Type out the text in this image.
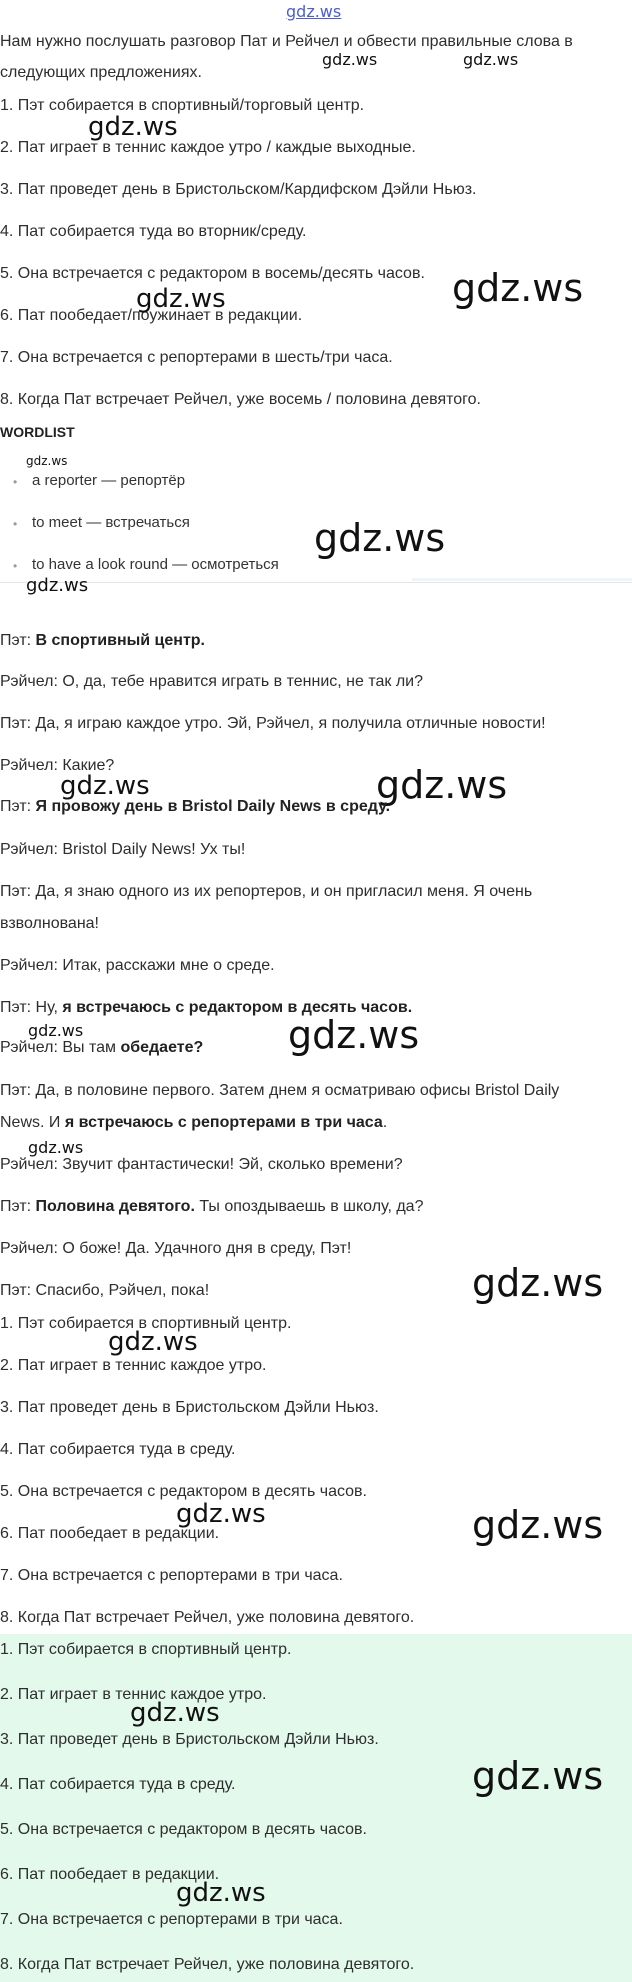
gdz.ws
Нам нужно послушать разговор Пат и Рейчел и обвести правильные слова в
следующих предложениях.
gdz.ws	gdz.ws
1. Пэт собирается в спортивный/торговый центр.
2. Пат играет в теннис каждое утро / каждые выходные.
3. Пат проведет день в Бристольском/Кардифском Дэйли Ньюз.
4. Пат собирается туда во вторник/среду.
5. Она встречается с редактором в восемь/десять часов.
6. Пат пообедает/поужинает в редакции.
7. Она встречается с репортерами в шесть/три часа.
8. Когда Пат встречает Рейчел, уже восемь / половина девятого.
gdz.ws
gdz.ws	gdz.ws
WORDLIST
gdz.ws
• a reporter — репортёр
• to meet — встречаться
• to have a look round — осмотреться
gdz.ws
gdz.ws
Пэт: В спортивный центр.
Рэйчел: О, да, тебе нравится играть в теннис, не так ли?
Пэт: Да, я играю каждое утро. Эй, Рэйчел, я получила отличные новости!
Рэйчел: Какие?
gdz.ws	gdz.ws
Пэт: Я провожу день в Bristol Daily News в среду.
Рэйчел: Bristol Daily News! Ух ты!
Пэт: Да, я знаю одного из их репортеров, и он пригласил меня. Я очень
взволнована!
Рэйчел: Итак, расскажи мне о среде.
Пэт: Ну, я встречаюсь с редактором в десять часов.
gdz.ws
Рэйчел: Вы там обедаете? gdz.ws
Пэт: Да, в половине первого. Затем днем я осматриваю офисы Bristol Daily
News. И я встречаюсь с репортерами в три часа.
gdz.ws
Рэйчел: Звучит фантастически! Эй, сколько времени?
Пэт: Половина девятого. Ты опоздываешь в школу, да?
Рэйчел: О боже! Да. Удачного дня в среду, Пэт!
Пэт: Спасибо, Рэйчел, пока!	gdz.ws
1. Пэт собирается в спортивный центр.
gdz.ws
2. Пат играет в теннис каждое утро.
3. Пат проведет день в Бристольском Дэйли Ньюз.
4. Пат собирается туда в среду.
5. Она встречается с редактором в десять часов.
gdz.ws
6. Пат пообедает в редакции.	gdz.ws
7. Она встречается с репортерами в три часа.
8. Когда Пат встречает Рейчел, уже половина девятого.
1. Пэт собирается в спортивный центр.
2. Пат играет в теннис каждое утро.
gdz.ws
3. Пат проведет день в Бристольском Дэйли Ньюз.
4. Пат собирается туда в среду.	gdz.ws
5. Она встречается с редактором в десять часов.
6. Пат пообедает в редакции.
gdz.ws
7. Она встречается с репортерами в три часа.
8. Когда Пат встречает Рейчел, уже половина девятого.
